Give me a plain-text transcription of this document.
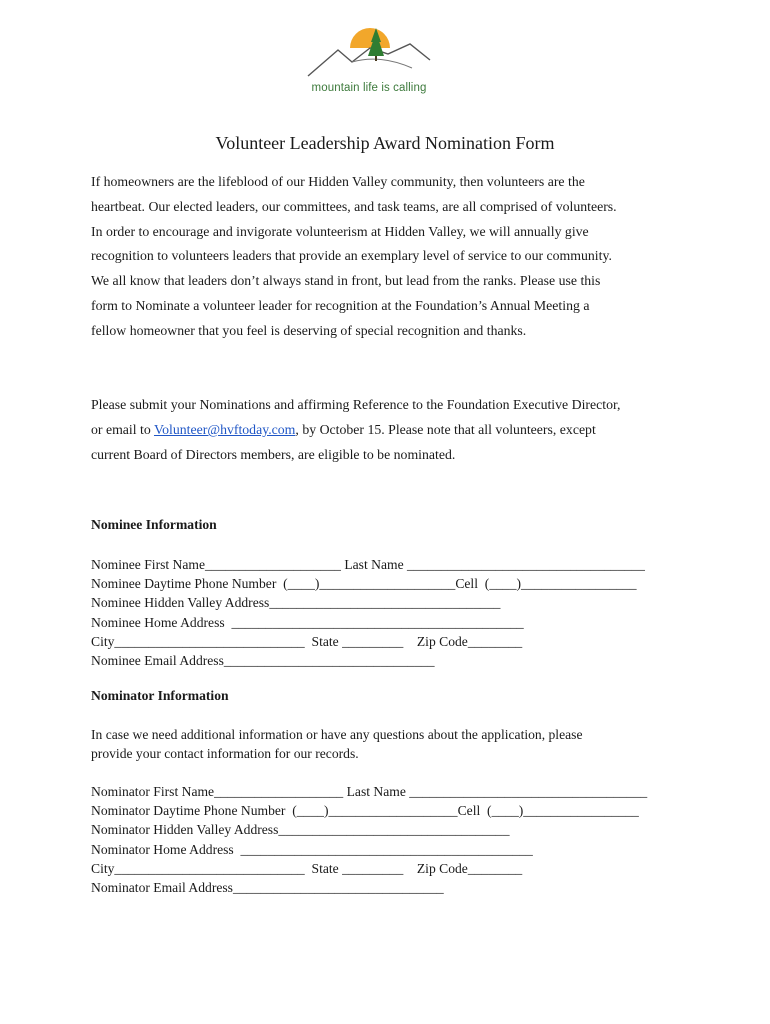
mountain life is calling
Volunteer Leadership Award Nomination Form

If homeowners are the lifeblood of our Hidden Valley community, then volunteers are the

heartbeat. Our elected leaders, our committees, and task teams, are all comprised of volunteers.

In order to encourage and invigorate volunteerism at Hidden Valley, we will annually give

recognition to volunteers leaders that provide an exemplary level of service to our community.

We all know that leaders don’t always stand in front, but lead from the ranks. Please use this

form to Nominate a volunteer leader for recognition at the Foundation’s Annual Meeting a

fellow homeowner that you feel is deserving of special recognition and thanks.

Please submit your Nominations and affirming Reference to the Foundation Executive Director,

or email to Volunteer@hvftoday.com, by October 15. Please note that all volunteers, except

current Board of Directors members, are eligible to be nominated.

Nominee Information
Nominee First Name____________________ Last Name ___________________________________
Nominee Daytime Phone Number  (____)____________________Cell  (____)_________________
Nominee Hidden Valley Address__________________________________
Nominee Home Address  ___________________________________________
City____________________________  State _________    Zip Code________
Nominee Email Address_______________________________
Nominator Information

In case we need additional information or have any questions about the application, please

provide your contact information for our records.

Nominator First Name___________________ Last Name ___________________________________
Nominator Daytime Phone Number  (____)___________________Cell  (____)_________________
Nominator Hidden Valley Address__________________________________
Nominator Home Address  ___________________________________________
City____________________________  State _________    Zip Code________
Nominator Email Address_______________________________
